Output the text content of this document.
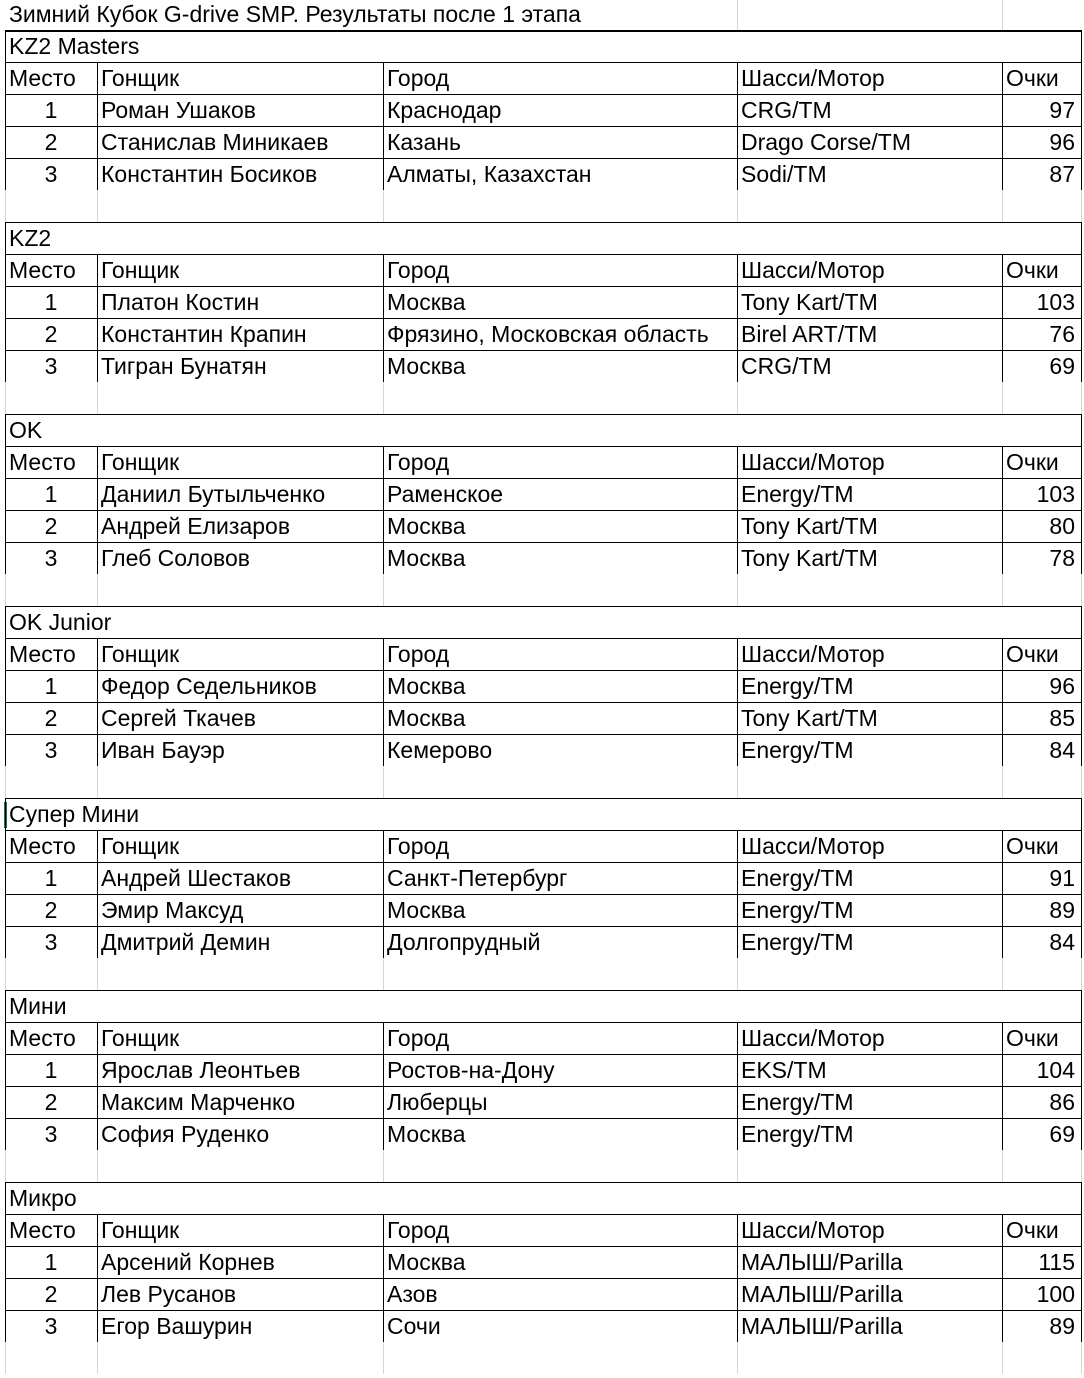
Зимний Кубок G-drive SMP. Результаты после 1 этапа
KZ2 Masters
Место	Гонщик	Город	Шасси/Мотор	Очки
1	Роман Ушаков	Краснодар	CRG/TM	97
2	Станислав Миникаев	Казань	Drago Corse/TM	96
3	Константин Босиков	Алматы, Казахстан	Sodi/TM	87
KZ2
Место	Гонщик	Город	Шасси/Мотор	Очки
1	Платон Костин	Москва	Tony Kart/TM	103
2	Константин Крапин	Фрязино, Московская область	Birel ART/TM	76
3	Тигран Бунатян	Москва	CRG/TM	69
OK
Место	Гонщик	Город	Шасси/Мотор	Очки
1	Даниил Бутыльченко	Раменское	Energy/TM	103
2	Андрей Елизаров	Москва	Tony Kart/TM	80
3	Глеб Соловов	Москва	Tony Kart/TM	78
OK Junior
Место	Гонщик	Город	Шасси/Мотор	Очки
1	Федор Седельников	Москва	Energy/TM	96
2	Сергей Ткачев	Москва	Tony Kart/TM	85
3	Иван Бауэр	Кемерово	Energy/TM	84
Супер Мини
Место	Гонщик	Город	Шасси/Мотор	Очки
1	Андрей Шестаков	Санкт-Петербург	Energy/TM	91
2	Эмир Максуд	Москва	Energy/TM	89
3	Дмитрий Демин	Долгопрудный	Energy/TM	84
Мини
Место	Гонщик	Город	Шасси/Мотор	Очки
1	Ярослав Леонтьев	Ростов-на-Дону	EKS/TM	104
2	Максим Марченко	Люберцы	Energy/TM	86
3	София Руденко	Москва	Energy/TM	69
Микро
Место	Гонщик	Город	Шасси/Мотор	Очки
1	Арсений Корнев	Москва	МАЛЫШ/Parilla	115
2	Лев Русанов	Азов	МАЛЫШ/Parilla	100
3	Егор Вашурин	Сочи	МАЛЫШ/Parilla	89
